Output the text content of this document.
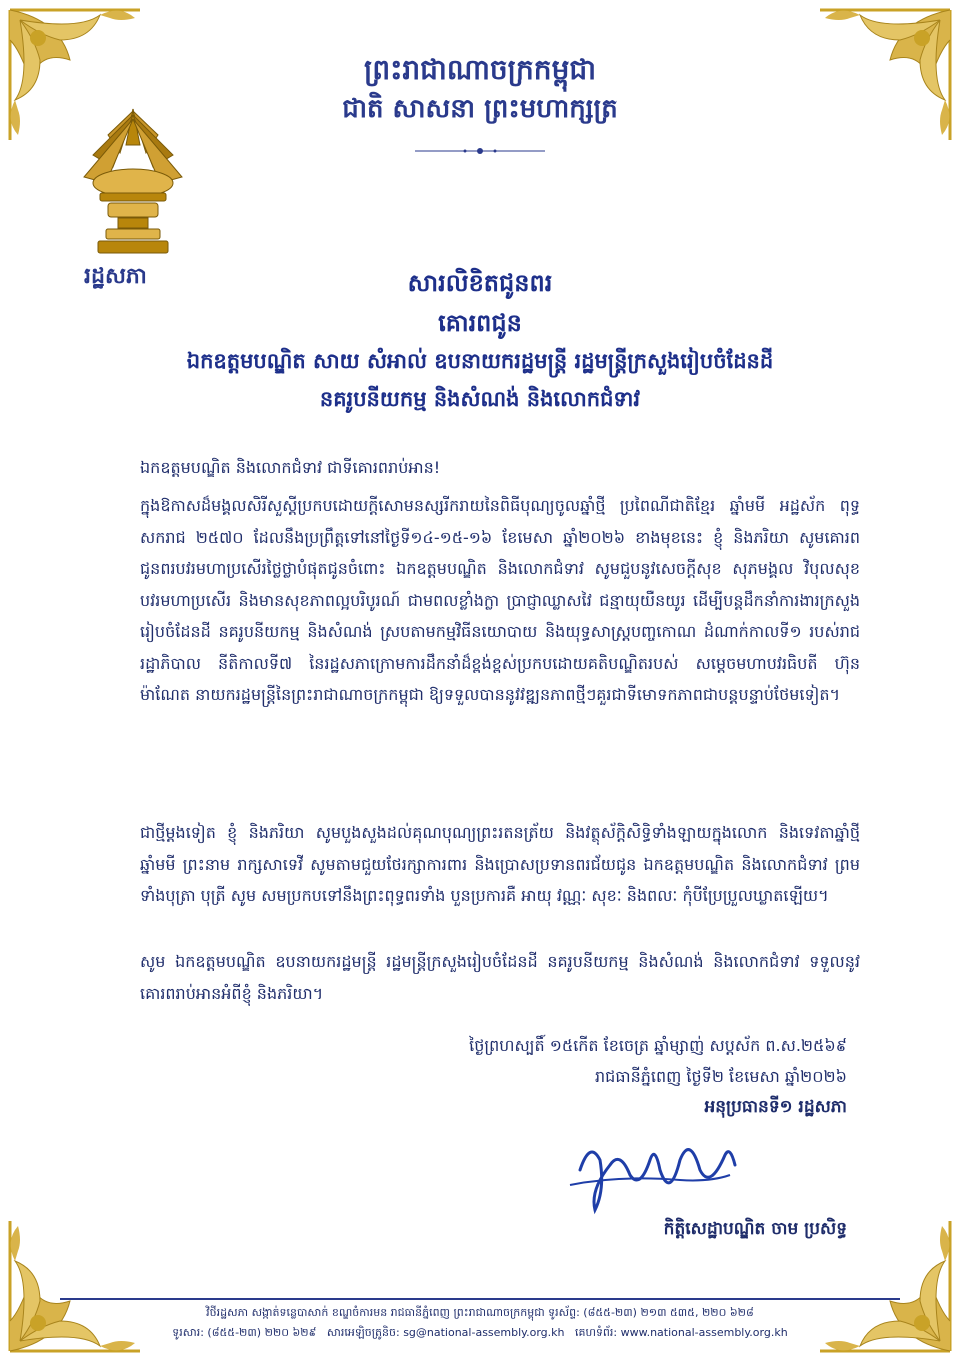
រដ្ឋសភា
ព្រះរាជាណាចក្រកម្ពុជា
ជាតិ សាសនា ព្រះមហាក្សត្រ
សារលិខិតជូនពរ
គោរពជូន
ឯកឧត្តមបណ្ឌិត សាយ សំអាល់ ឧបនាយករដ្ឋមន្ត្រី រដ្ឋមន្ត្រីក្រសួងរៀបចំដែនដី
នគរូបនីយកម្ម និងសំណង់ និងលោកជំទាវ
ឯកឧត្តមបណ្ឌិត និងលោកជំទាវ ជាទីគោរពរាប់អាន!
ក្នុងឱកាសដ៏មង្គលសិរីសួស្តីប្រកបដោយក្តីសោមនស្សរីករាយនៃពិធីបុណ្យចូលឆ្នាំថ្មី ប្រពៃណីជាតិខ្មែរ ឆ្នាំមមី អដ្ឋស័ក ពុទ្ធសករាជ ២៥៧០ ដែលនឹងប្រព្រឹត្តទៅនៅថ្ងៃទី១៤-១៥-១៦ ខែមេសា ឆ្នាំ២០២៦ ខាងមុខនេះ ខ្ញុំ និងភរិយា សូមគោរពជូនពរបវរមហាប្រសើរថ្លៃថ្លាបំផុតជូនចំពោះ ឯកឧត្តមបណ្ឌិត និងលោកជំទាវ សូមជួបនូវសេចក្តីសុខ សុភមង្គល វិបុលសុខ បវរមហាប្រសើរ និងមានសុខភាពល្អបរិបូរណ៍ ជាមពលខ្លាំងក្លា ប្រាជ្ញាឈ្លាសវៃ ជន្មាយុយឺនយូរ ដើម្បីបន្តដឹកនាំការងារក្រសួងរៀបចំដែនដី នគរូបនីយកម្ម និងសំណង់ ស្របតាមកម្មវិធីនយោបាយ និងយុទ្ធសាស្ត្របញ្ចកោណ ដំណាក់កាលទី១ របស់រាជរដ្ឋាភិបាល នីតិកាលទី៧ នៃរដ្ឋសភាក្រោមការដឹកនាំដ៏ខ្ពង់ខ្ពស់ប្រកបដោយគតិបណ្ឌិតរបស់ សម្តេចមហាបវរធិបតី ហ៊ុន ម៉ាណែត នាយករដ្ឋមន្ត្រីនៃព្រះរាជាណាចក្រកម្ពុជា ឱ្យទទួលបាននូវវឌ្ឍនភាពថ្មីៗគួរជាទីមោទកភាពជាបន្តបន្ទាប់ថែមទៀត។
ជាថ្មីម្តងទៀត ខ្ញុំ និងភរិយា សូមបួងសួងដល់គុណបុណ្យព្រះរតនត្រ័យ និងវត្ថុស័ក្តិសិទ្ធិទាំងឡាយក្នុងលោក និងទេវតាឆ្នាំថ្មី ឆ្នាំមមី ព្រះនាម រាក្សសាទេវី សូមតាមជួយថែរក្សាការពារ និងប្រោសប្រទានពរជ័យជូន ឯកឧត្តមបណ្ឌិត និងលោកជំទាវ ព្រមទាំងបុត្រា បុត្រី សូម សមប្រកបទៅនឹងព្រះពុទ្ធពរទាំង បួនប្រការគឺ អាយុ វណ្ណៈ សុខៈ និងពលៈ កុំបីប្រែប្រួលឃ្លាតឡើយ។
សូម ឯកឧត្តមបណ្ឌិត ឧបនាយករដ្ឋមន្ត្រី រដ្ឋមន្ត្រីក្រសួងរៀបចំដែនដី នគរូបនីយកម្ម និងសំណង់ និងលោកជំទាវ ទទួលនូវគោរពរាប់អានអំពីខ្ញុំ និងភរិយា។
ថ្ងៃព្រហស្បតិ៍ ១៥កើត ខែចេត្រ ឆ្នាំម្សាញ់ សប្តស័ក ព.ស.២៥៦៩
រាជធានីភ្នំពេញ ថ្ងៃទី២ ខែមេសា ឆ្នាំ២០២៦
អនុប្រធានទី១ រដ្ឋសភា
កិត្តិសេដ្ឋាបណ្ឌិត ចាម ប្រសិទ្ធ
វិថីរដ្ឋសភា សង្កាត់ទន្លេបាសាក់ ខណ្ឌចំការមន រាជធានីភ្នំពេញ ព្រះរាជាណាចក្រកម្ពុជា ទូរស័ព្ទ: (៨៥៥-២៣) ២១៣ ៥៣៥, ២២០ ៦២៨
ទូរសារ: (៨៥៥-២៣) ២២០ ៦២៩ សារអេឡិចត្រូនិច: sg@national-assembly.org.kh គេហទំព័រ: www.national-assembly.org.kh
